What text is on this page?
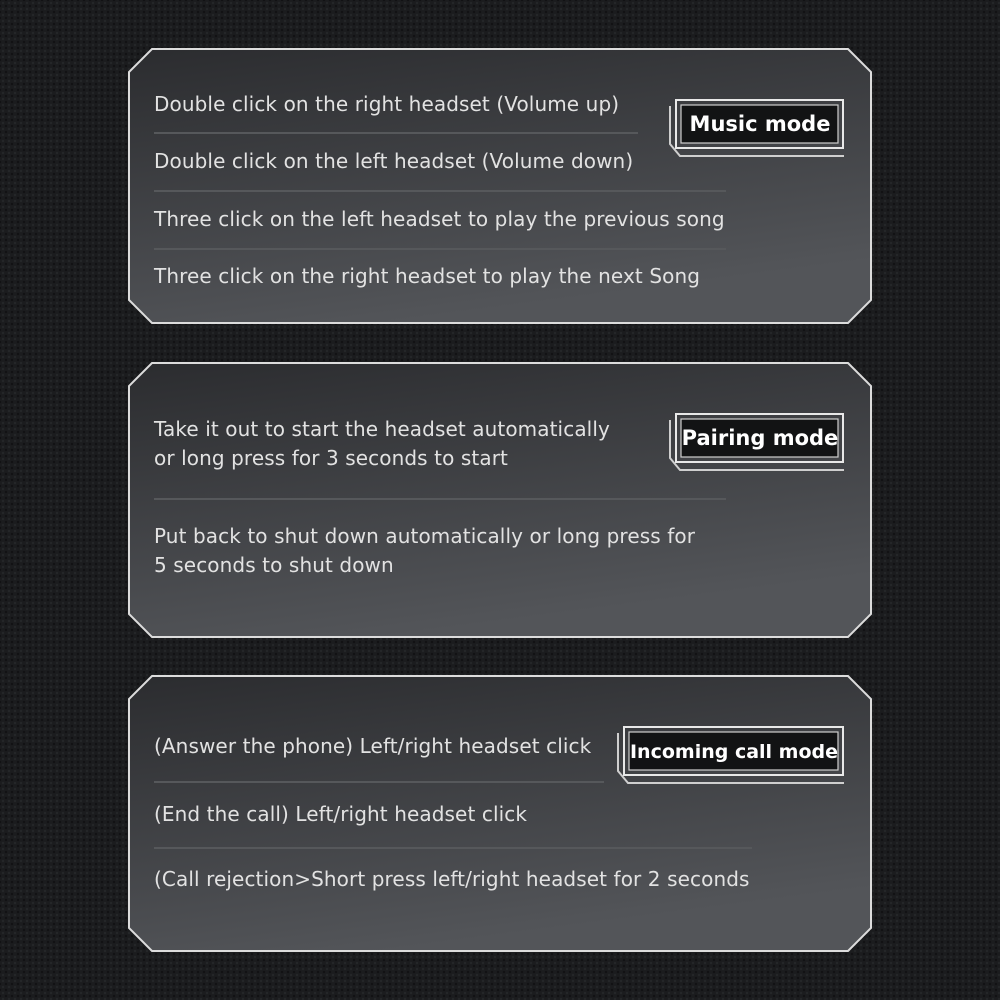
Double click on the right headset (Volume up)
Double click on the left headset (Volume down)
Three click on the left headset to play the previous song
Three click on the right headset to play the next Song
Music mode
Take it out to start the headset automatically
or long press for 3 seconds to start
Put back to shut down automatically or long press for
5 seconds to shut down
Pairing mode
(Answer the phone) Left/right headset click
(End the call) Left/right headset click
(Call rejection>Short press left/right headset for 2 seconds
Incoming call mode
